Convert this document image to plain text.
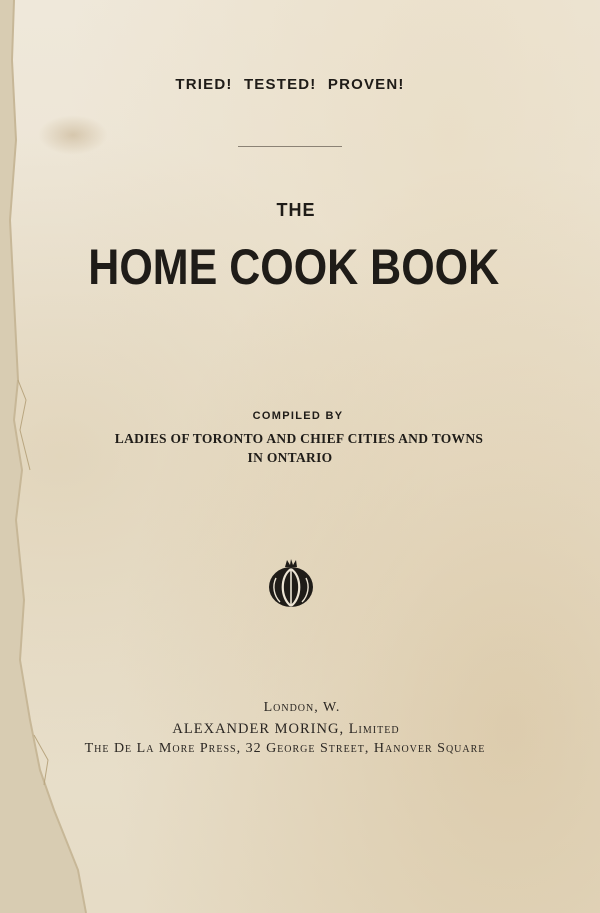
TRIED! TESTED! PROVEN!
THE
HOME COOK BOOK
COMPILED BY
LADIES OF TORONTO AND CHIEF CITIES AND TOWNS
IN ONTARIO
London, W.
ALEXANDER MORING, Limited
The De La More Press, 32 George Street, Hanover Square
